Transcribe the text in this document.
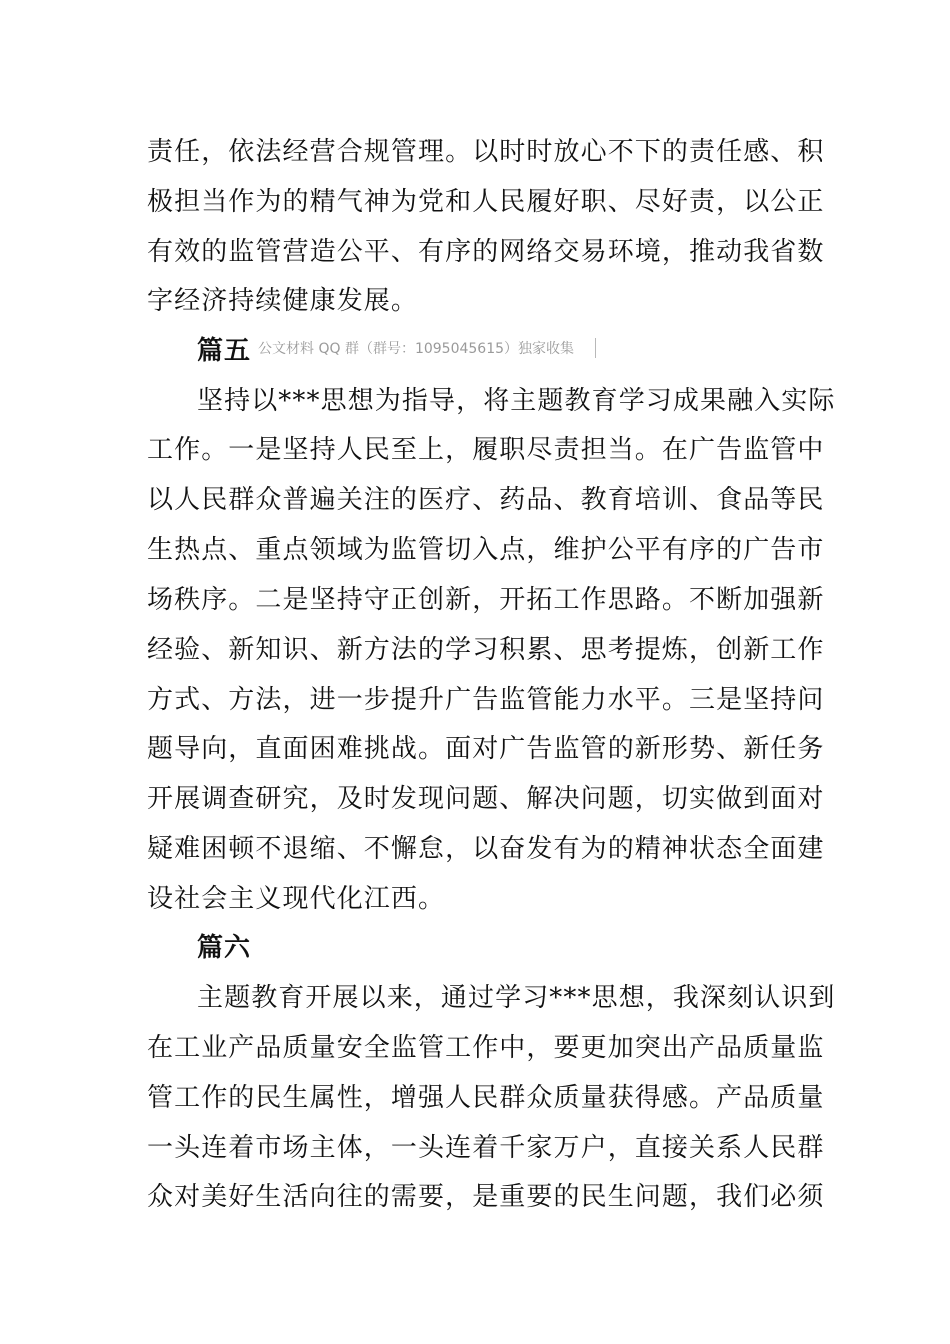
责任，依法经营合规管理。以时时放心不下的责任感、积
极担当作为的精气神为党和人民履好职、尽好责，以公正
有效的监管营造公平、有序的网络交易环境，推动我省数
字经济持续健康发展。
篇五 公文材料 QQ 群（群号：1095045615）独家收集
坚持以***思想为指导，将主题教育学习成果融入实际
工作。一是坚持人民至上，履职尽责担当。在广告监管中
以人民群众普遍关注的医疗、药品、教育培训、食品等民
生热点、重点领域为监管切入点，维护公平有序的广告市
场秩序。二是坚持守正创新，开拓工作思路。不断加强新
经验、新知识、新方法的学习积累、思考提炼，创新工作
方式、方法，进一步提升广告监管能力水平。三是坚持问
题导向，直面困难挑战。面对广告监管的新形势、新任务
开展调查研究，及时发现问题、解决问题，切实做到面对
疑难困顿不退缩、不懈怠，以奋发有为的精神状态全面建
设社会主义现代化江西。
篇六
主题教育开展以来，通过学习***思想，我深刻认识到
在工业产品质量安全监管工作中，要更加突出产品质量监
管工作的民生属性，增强人民群众质量获得感。产品质量
一头连着市场主体，一头连着千家万户，直接关系人民群
众对美好生活向往的需要，是重要的民生问题，我们必须
